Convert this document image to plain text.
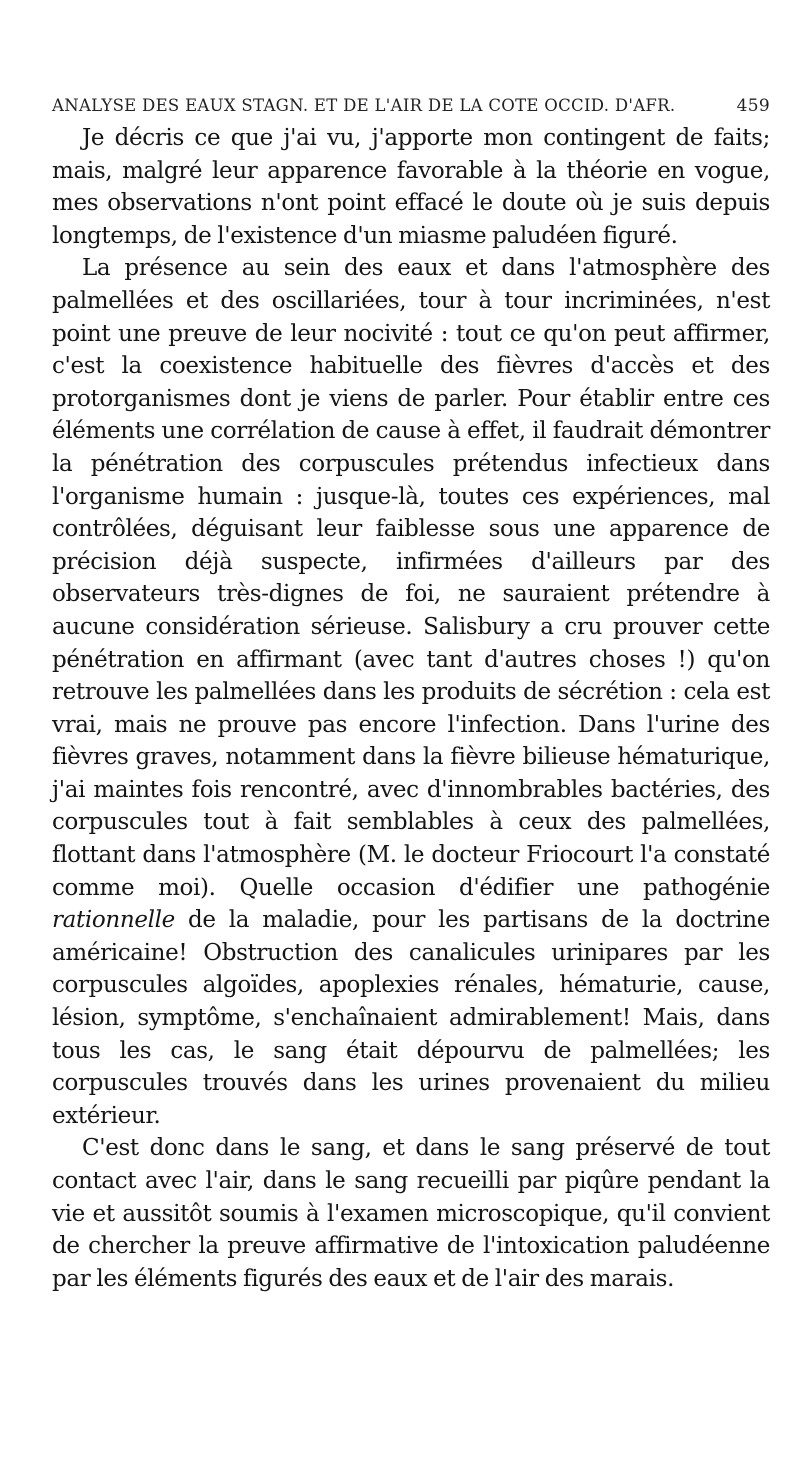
ANALYSE DES EAUX STAGN. ET DE L'AIR DE LA COTE OCCID. D'AFR.	459

Je décris ce que j'ai vu, j'apporte mon contingent de faits; mais, malgré leur apparence favorable à la théorie en vogue, mes observations n'ont point effacé le doute où je suis depuis longtemps, de l'existence d'un miasme paludéen figuré.

La présence au sein des eaux et dans l'atmosphère des palmellées et des oscillariées, tour à tour incriminées, n'est point une preuve de leur nocivité : tout ce qu'on peut affirmer, c'est la coexistence habituelle des fièvres d'accès et des protorganismes dont je viens de parler. Pour établir entre ces éléments une corrélation de cause à effet, il faudrait démontrer la pénétration des corpuscules prétendus infectieux dans l'organisme humain : jusque-là, toutes ces expériences, mal contrôlées, déguisant leur faiblesse sous une apparence de précision déjà suspecte, infirmées d'ailleurs par des observateurs très-dignes de foi, ne sauraient prétendre à aucune considération sérieuse. Salisbury a cru prouver cette pénétration en affirmant (avec tant d'autres choses !) qu'on retrouve les palmellées dans les produits de sécrétion : cela est vrai, mais ne prouve pas encore l'infection. Dans l'urine des fièvres graves, notamment dans la fièvre bilieuse hématurique, j'ai maintes fois rencontré, avec d'innombrables bactéries, des corpuscules tout à fait semblables à ceux des palmellées, flottant dans l'atmosphère (M. le docteur Friocourt l'a constaté comme moi). Quelle occasion d'édifier une pathogénie rationnelle de la maladie, pour les partisans de la doctrine américaine! Obstruction des canalicules urinipares par les corpuscules algoïdes, apoplexies rénales, hématurie, cause, lésion, symptôme, s'enchaînaient admirablement! Mais, dans tous les cas, le sang était dépourvu de palmellées; les corpuscules trouvés dans les urines provenaient du milieu extérieur.

C'est donc dans le sang, et dans le sang préservé de tout contact avec l'air, dans le sang recueilli par piqûre pendant la vie et aussitôt soumis à l'examen microscopique, qu'il convient de chercher la preuve affirmative de l'intoxication paludéenne par les éléments figurés des eaux et de l'air des marais.
